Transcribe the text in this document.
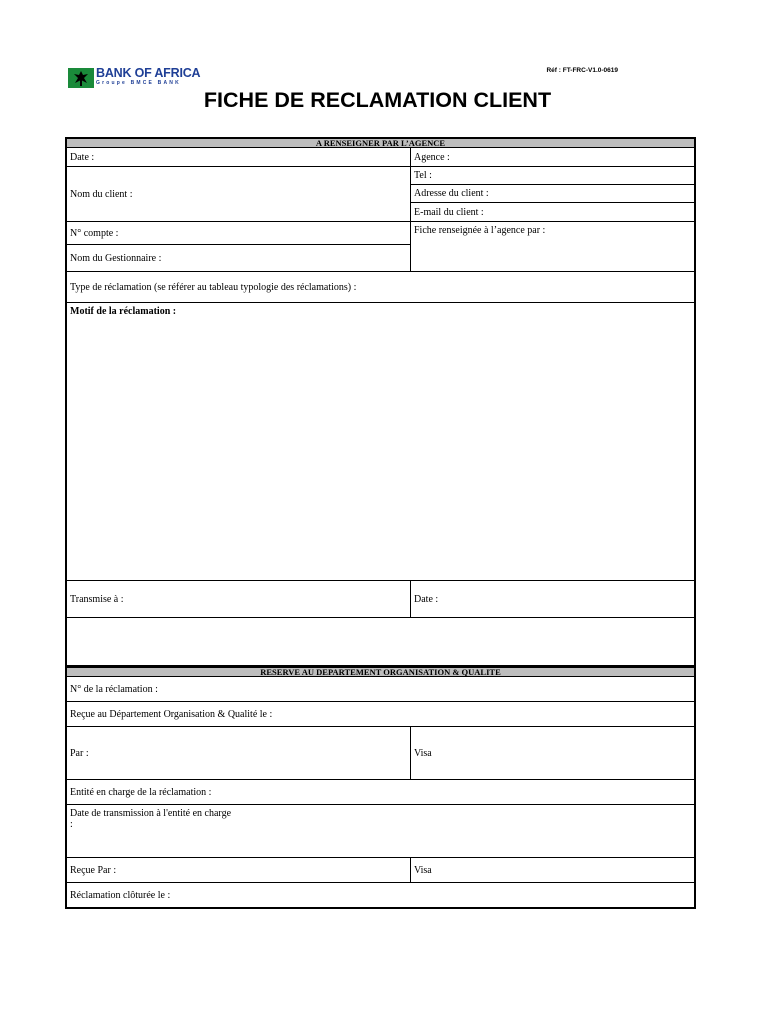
BANK OF AFRICA
Groupe BMCE BANK
Réf : FT-FRC-V1.0-0619
FICHE DE RECLAMATION CLIENT
A RENSEIGNER PAR L’AGENCE
Date :	Agence :
Nom du client :
Tel :
Adresse du client :
E-mail du client :
N° compte :
Nom du Gestionnaire :
Fiche renseignée à l’agence par :
Type de réclamation (se référer au tableau typologie des réclamations) :
Motif de la réclamation :
Transmise à :	Date :
RESERVE AU DEPARTEMENT ORGANISATION & QUALITE
N° de la réclamation :
Reçue au Département Organisation & Qualité le :
Par :	Visa
Entité en charge de la réclamation :
Date de transmission à l'entité en charge
:
Reçue Par :	Visa
Réclamation clôturée le :
